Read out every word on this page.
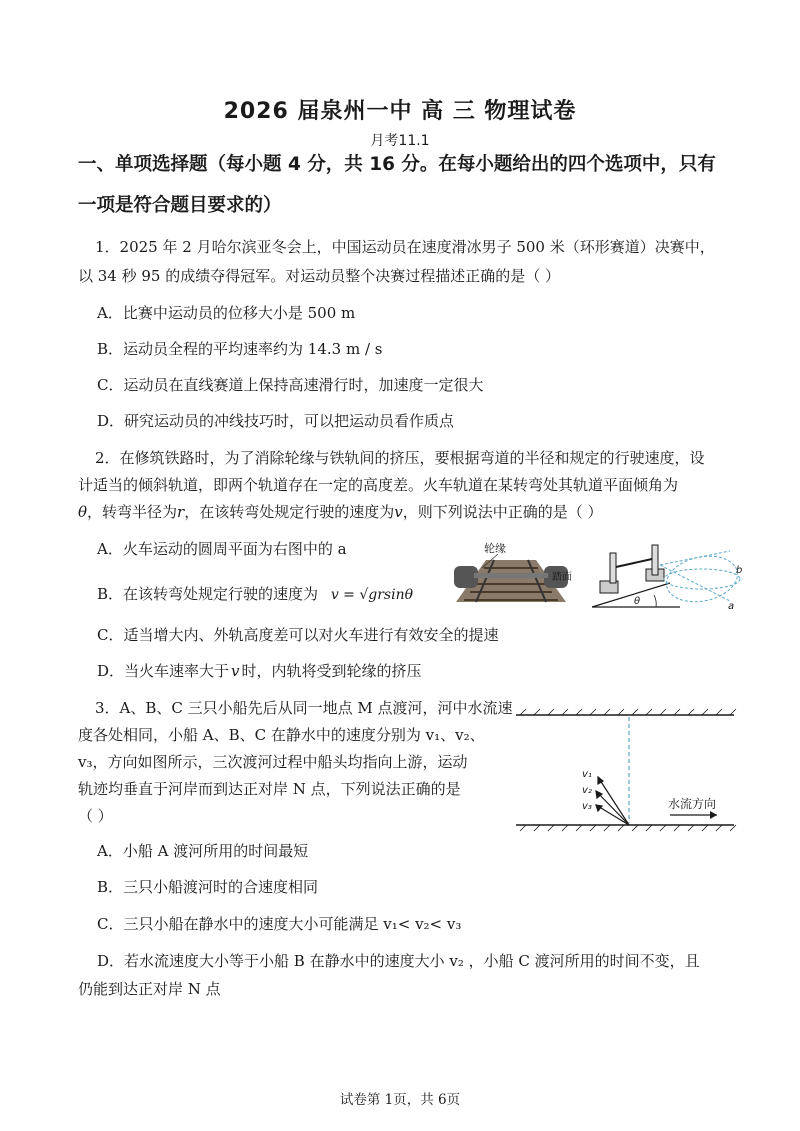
2026 届泉州一中 高 三 物理试卷
月考11.1
一、单项选择题（每小题 4 分，共 16 分。在每小题给出的四个选项中，只有
一项是符合题目要求的）
1．2025 年 2 月哈尔滨亚冬会上，中国运动员在速度滑冰男子 500 米（环形赛道）决赛中，
以 34 秒 95 的成绩夺得冠军。对运动员整个决赛过程描述正确的是（ ）
A．比赛中运动员的位移大小是 500 m
B．运动员全程的平均速率约为 14.3 m / s
C．运动员在直线赛道上保持高速滑行时，加速度一定很大
D．研究运动员的冲线技巧时，可以把运动员看作质点
2．在修筑铁路时，为了消除轮缘与铁轨间的挤压，要根据弯道的半径和规定的行驶速度，设
计适当的倾斜轨道，即两个轨道存在一定的高度差。火车轨道在某转弯处其轨道平面倾角为
θ，转弯半径为r，在该转弯处规定行驶的速度为v，则下列说法中正确的是（ ）
A．火车运动的圆周平面为右图中的 a
B．在该转弯处规定行驶的速度为 v = √grsinθ
C．适当增大内、外轨高度差可以对火车进行有效安全的提速
D．当火车速率大于 v 时，内轨将受到轮缘的挤压
轮缘
踏面
θ
b
a
3．A、B、C 三只小船先后从同一地点 M 点渡河，河中水流速
度各处相同，小船 A、B、C 在静水中的速度分别为 v₁、v₂、
v₃，方向如图所示，三次渡河过程中船头均指向上游，运动
轨迹均垂直于河岸而到达正对岸 N 点，下列说法正确的是
（ ）
A．小船 A 渡河所用的时间最短
B．三只小船渡河时的合速度相同
C．三只小船在静水中的速度大小可能满足 v₁< v₂< v₃
D．若水流速度大小等于小船 B 在静水中的速度大小 v₂ ，小船 C 渡河所用的时间不变，且
仍能到达正对岸 N 点
v₁
v₂
v₃	水流方向
试卷第 1页，共 6页
